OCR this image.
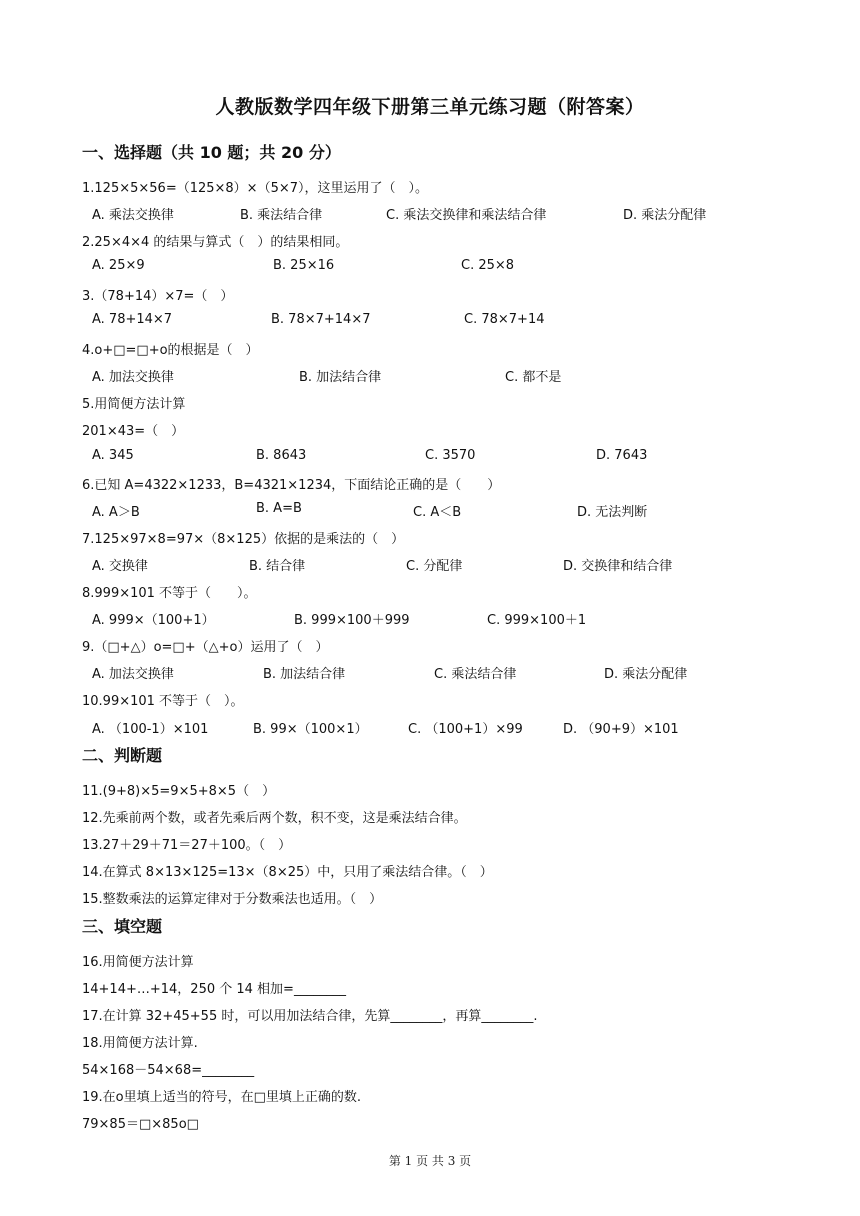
人教版数学四年级下册第三单元练习题（附答案）
一、选择题（共 10 题；共 20 分）
1.125×5×56=（125×8）×（5×7），这里运用了（　）。
A. 乘法交换律	B. 乘法结合律	C. 乘法交换律和乘法结合律	D. 乘法分配律
2.25×4×4 的结果与算式（　）的结果相同。
A. 25×9	B. 25×16	C. 25×8
3.（78+14）×7=（　）
A. 78+14×7	B. 78×7+14×7	C. 78×7+14
4.o+□=□+o的根据是（　）
A. 加法交换律	B. 加法结合律	C. 都不是
5.用简便方法计算
201×43=（　）
A. 345	B. 8643	C. 3570	D. 7643
6.已知 A=4322×1233，B=4321×1234，下面结论正确的是（　　）
A. A＞B	B. A=B	C. A＜B	D. 无法判断
7.125×97×8=97×（8×125）依据的是乘法的（　）
A. 交换律	B. 结合律	C. 分配律	D. 交换律和结合律
8.999×101 不等于（　　）。
A. 999×（100+1）	B. 999×100＋999	C. 999×100＋1
9.（□+△）o=□+（△+o）运用了（　）
A. 加法交换律	B. 加法结合律	C. 乘法结合律	D. 乘法分配律
10.99×101 不等于（　）。
A. （100-1）×101	B. 99×（100×1）	C. （100+1）×99	D. （90+9）×101
二、判断题
11.(9+8)×5=9×5+8×5（　）
12.先乘前两个数，或者先乘后两个数，积不变，这是乘法结合律。
13.27＋29＋71＝27＋100。（　）
14.在算式 8×13×125=13×（8×25）中，只用了乘法结合律。（　）
15.整数乘法的运算定律对于分数乘法也适用。（　）
三、填空题
16.用简便方法计算
14+14+…+14，250 个 14 相加=________
17.在计算 32+45+55 时，可以用加法结合律，先算________，再算________.
18.用简便方法计算.
54×168－54×68=________
19.在o里填上适当的符号，在□里填上正确的数.
79×85＝□×85o□
第 1 页 共 3 页
